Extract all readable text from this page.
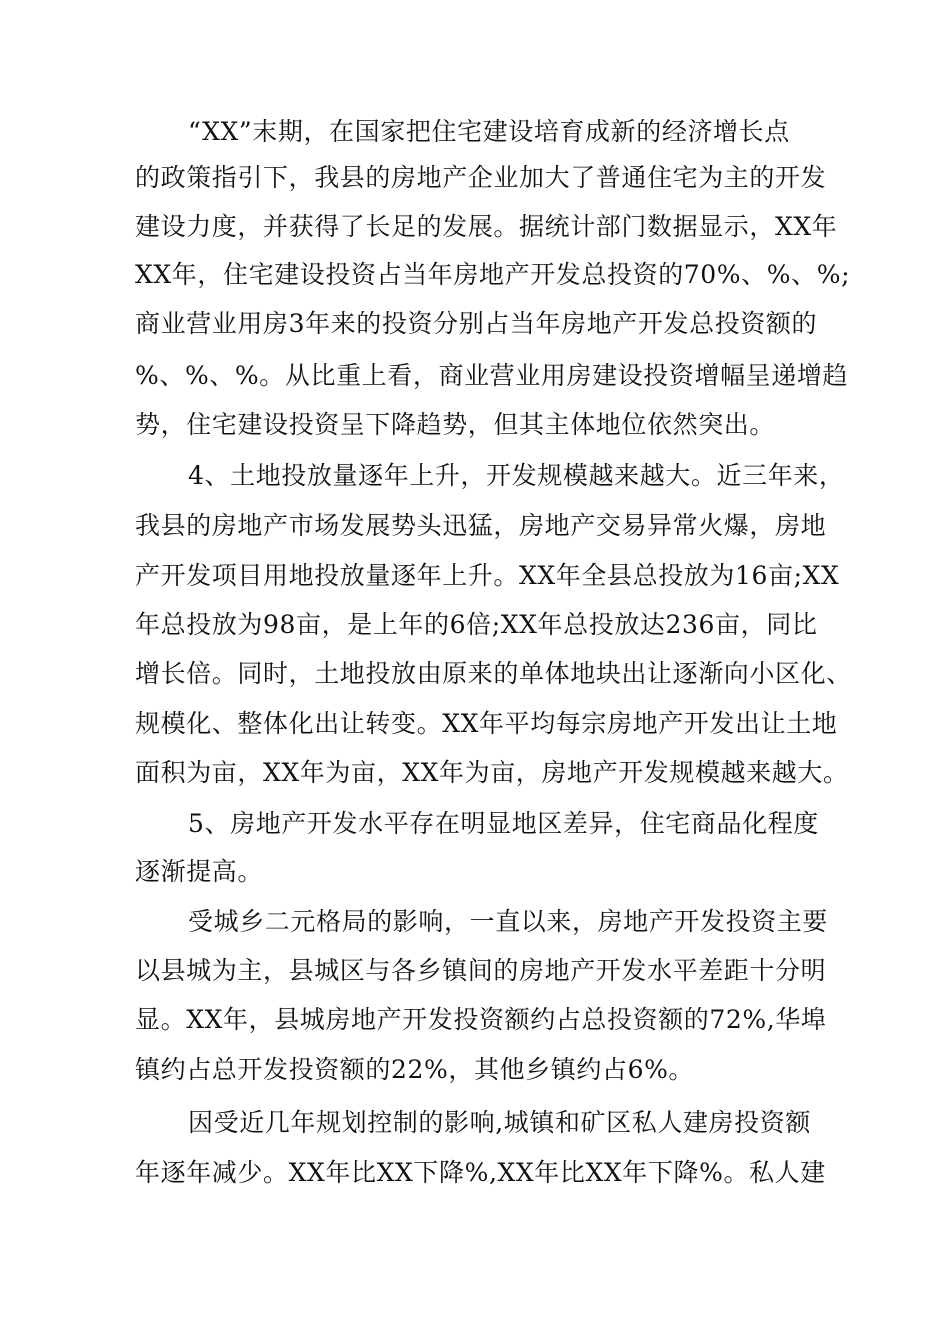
“XX”末期，在国家把住宅建设培育成新的经济增长点
的政策指引下，我县的房地产企业加大了普通住宅为主的开发
建设力度，并获得了长足的发展。据统计部门数据显示，XX年
XX年，住宅建设投资占当年房地产开发总投资的70%、%、%;
商业营业用房3年来的投资分别占当年房地产开发总投资额的
%、%、%。从比重上看，商业营业用房建设投资增幅呈递增趋
势，住宅建设投资呈下降趋势，但其主体地位依然突出。
4、土地投放量逐年上升，开发规模越来越大。近三年来，
我县的房地产市场发展势头迅猛，房地产交易异常火爆，房地
产开发项目用地投放量逐年上升。XX年全县总投放为16亩;XX
年总投放为98亩，是上年的6倍;XX年总投放达236亩，同比
增长倍。同时，土地投放由原来的单体地块出让逐渐向小区化、
规模化、整体化出让转变。XX年平均每宗房地产开发出让土地
面积为亩，XX年为亩，XX年为亩，房地产开发规模越来越大。
5、房地产开发水平存在明显地区差异，住宅商品化程度
逐渐提高。
受城乡二元格局的影响，一直以来，房地产开发投资主要
以县城为主，县城区与各乡镇间的房地产开发水平差距十分明
显。XX年，县城房地产开发投资额约占总投资额的72%,华埠
镇约占总开发投资额的22%，其他乡镇约占6%。
因受近几年规划控制的影响,城镇和矿区私人建房投资额
年逐年减少。XX年比XX下降%,XX年比XX年下降%。私人建
